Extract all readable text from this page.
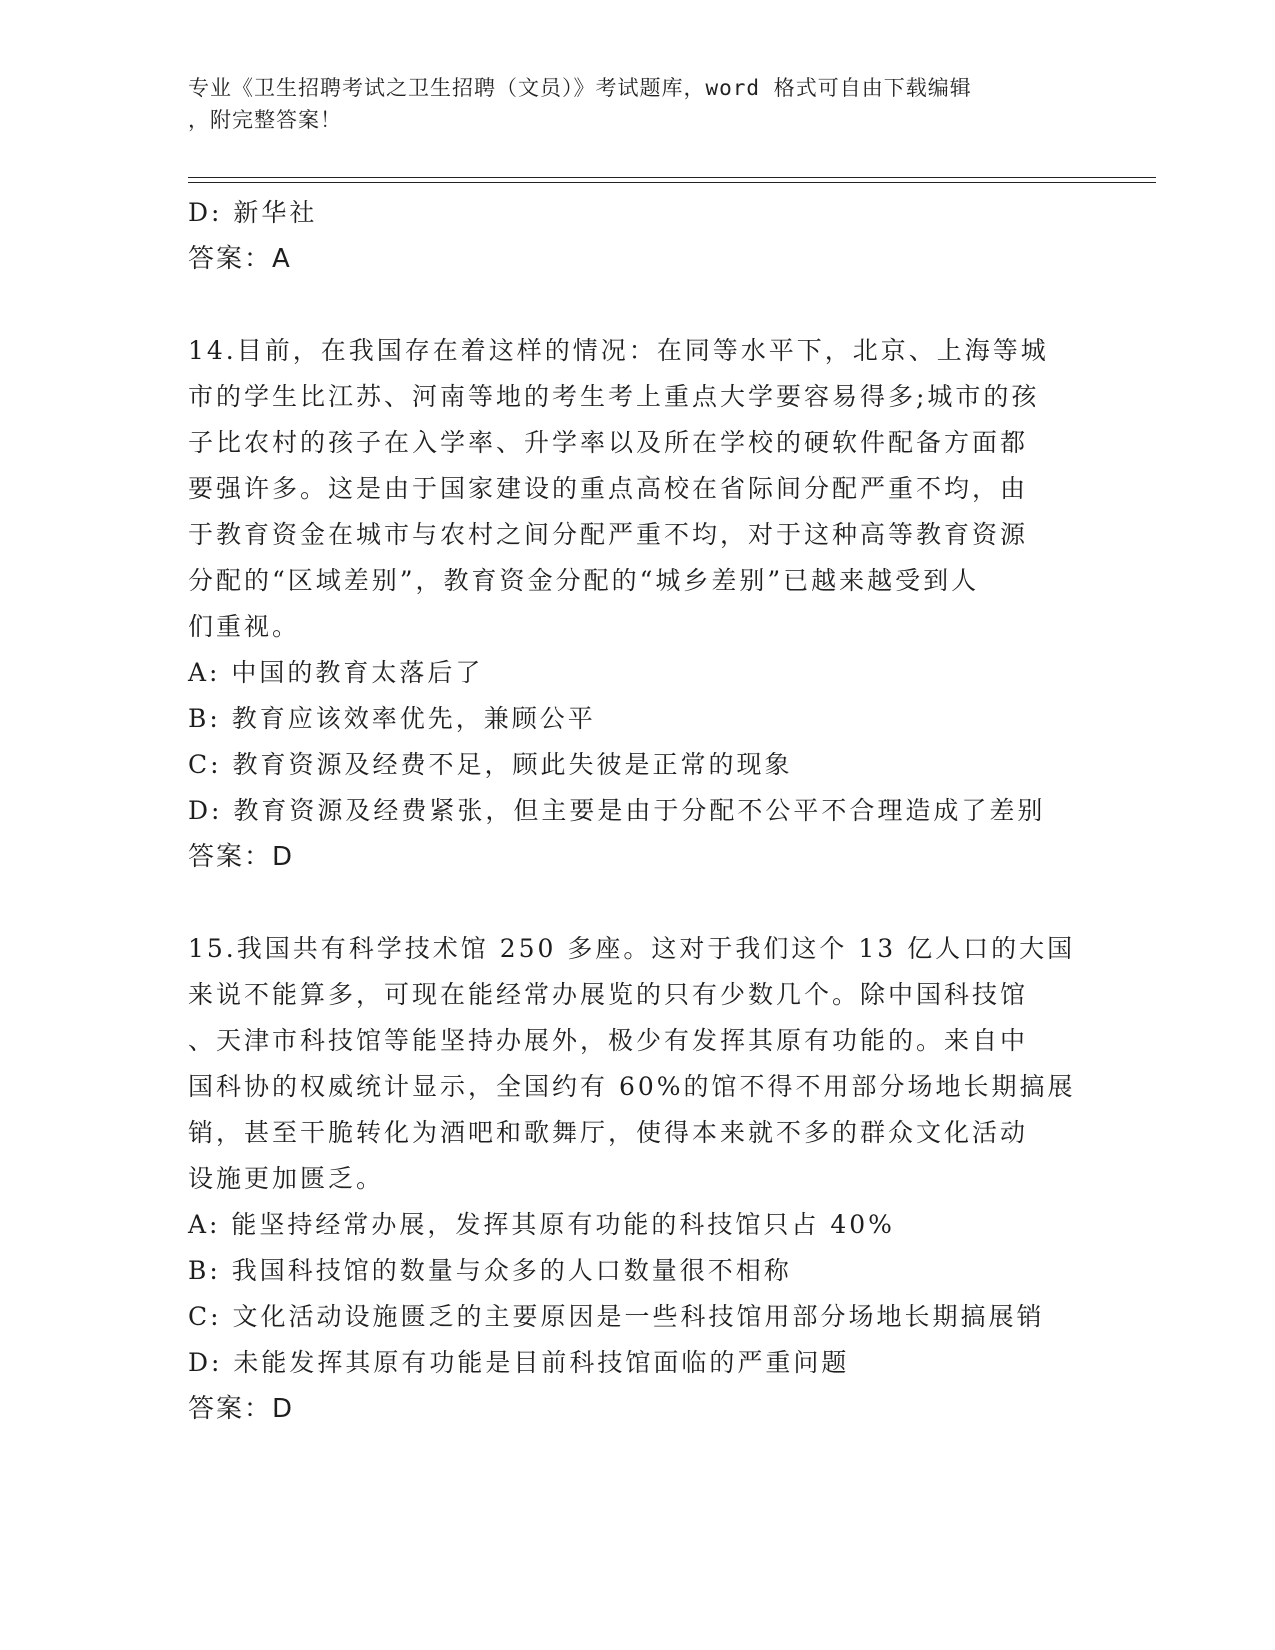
专业《卫生招聘考试之卫生招聘（文员）》考试题库，word 格式可自由下载编辑
，附完整答案！
D: 新华社
答案：A
14.目前，在我国存在着这样的情况：在同等水平下，北京、上海等城
市的学生比江苏、河南等地的考生考上重点大学要容易得多;城市的孩
子比农村的孩子在入学率、升学率以及所在学校的硬软件配备方面都
要强许多。这是由于国家建设的重点高校在省际间分配严重不均，由
于教育资金在城市与农村之间分配严重不均，对于这种高等教育资源
分配的“区域差别”，教育资金分配的“城乡差别”已越来越受到人
们重视。
A: 中国的教育太落后了
B: 教育应该效率优先，兼顾公平
C: 教育资源及经费不足，顾此失彼是正常的现象
D: 教育资源及经费紧张，但主要是由于分配不公平不合理造成了差别
答案：D
15.我国共有科学技术馆 250 多座。这对于我们这个 13 亿人口的大国
来说不能算多，可现在能经常办展览的只有少数几个。除中国科技馆
、天津市科技馆等能坚持办展外，极少有发挥其原有功能的。来自中
国科协的权威统计显示，全国约有 60%的馆不得不用部分场地长期搞展
销，甚至干脆转化为酒吧和歌舞厅，使得本来就不多的群众文化活动
设施更加匮乏。
A: 能坚持经常办展，发挥其原有功能的科技馆只占 40%
B: 我国科技馆的数量与众多的人口数量很不相称
C: 文化活动设施匮乏的主要原因是一些科技馆用部分场地长期搞展销
D: 未能发挥其原有功能是目前科技馆面临的严重问题
答案：D
